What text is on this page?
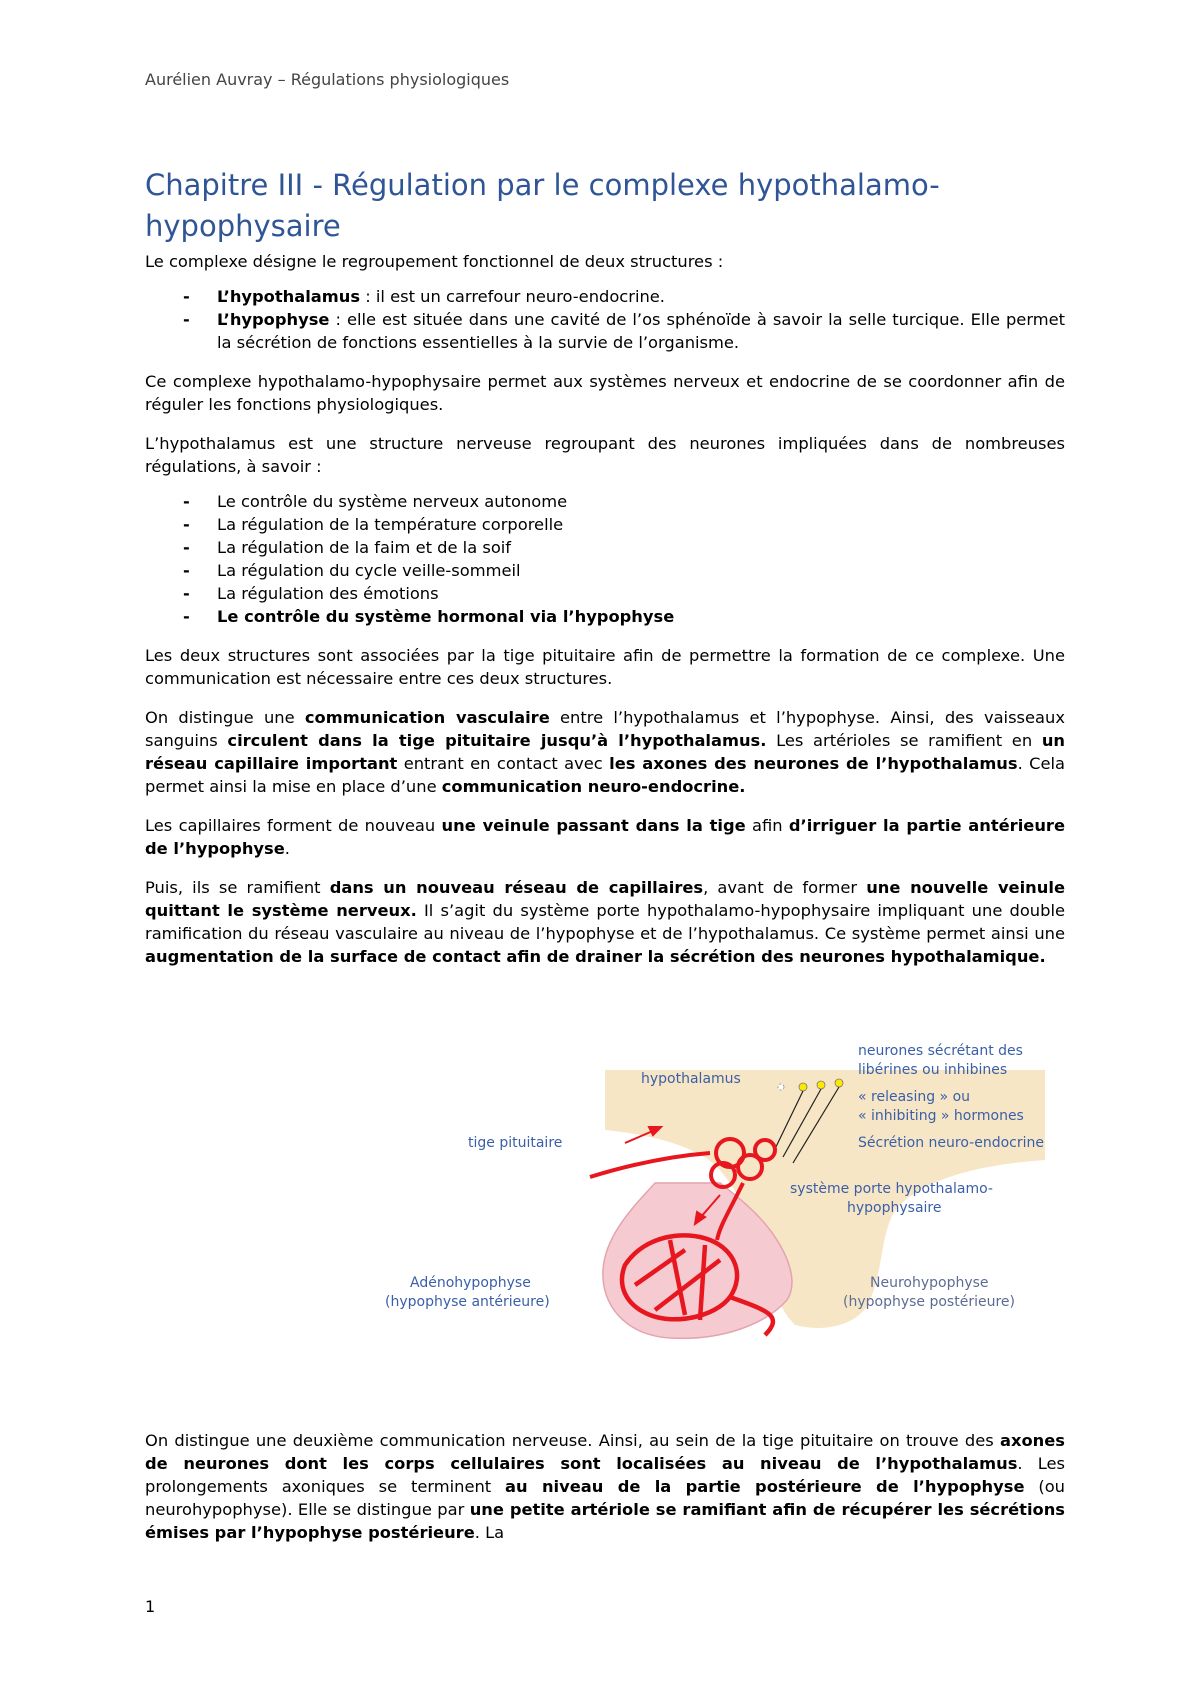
Aurélien Auvray – Régulations physiologiques
Chapitre III - Régulation par le complexe hypothalamo-hypophysaire

Le complexe désigne le regroupement fonctionnel de deux structures :

- L’hypothalamus : il est un carrefour neuro-endocrine.
- L’hypophyse : elle est située dans une cavité de l’os sphénoïde à savoir la selle turcique. Elle permet la sécrétion de fonctions essentielles à la survie de l’organisme.

Ce complexe hypothalamo-hypophysaire permet aux systèmes nerveux et endocrine de se coordonner afin de réguler les fonctions physiologiques.

L’hypothalamus est une structure nerveuse regroupant des neurones impliquées dans de nombreuses régulations, à savoir :

- Le contrôle du système nerveux autonome
- La régulation de la température corporelle
- La régulation de la faim et de la soif
- La régulation du cycle veille-sommeil
- La régulation des émotions
- Le contrôle du système hormonal via l’hypophyse

Les deux structures sont associées par la tige pituitaire afin de permettre la formation de ce complexe. Une communication est nécessaire entre ces deux structures.

On distingue une communication vasculaire entre l’hypothalamus et l’hypophyse. Ainsi, des vaisseaux sanguins circulent dans la tige pituitaire jusqu’à l’hypothalamus. Les artérioles se ramifient en un réseau capillaire important entrant en contact avec les axones des neurones de l’hypothalamus. Cela permet ainsi la mise en place d’une communication neuro-endocrine.

Les capillaires forment de nouveau une veinule passant dans la tige afin d’irriguer la partie antérieure de l’hypophyse.

Puis, ils se ramifient dans un nouveau réseau de capillaires, avant de former une nouvelle veinule quittant le système nerveux. Il s’agit du système porte hypothalamo-hypophysaire impliquant une double ramification du réseau vasculaire au niveau de l’hypophyse et de l’hypothalamus. Ce système permet ainsi une augmentation de la surface de contact afin de drainer la sécrétion des neurones hypothalamique.

hypothalamus
tige pituitaire
neurones sécrétant des
libérines ou inhibines
« releasing » ou
« inhibiting » hormones
Sécrétion neuro-endocrine
système porte hypothalamo-
hypophysaire
Adénohypophyse
(hypophyse antérieure)
Neurohypophyse
(hypophyse postérieure)

On distingue une deuxième communication nerveuse. Ainsi, au sein de la tige pituitaire on trouve des axones de neurones dont les corps cellulaires sont localisées au niveau de l’hypothalamus. Les prolongements axoniques se terminent au niveau de la partie postérieure de l’hypophyse (ou neurohypophyse). Elle se distingue par une petite artériole se ramifiant afin de récupérer les sécrétions émises par l’hypophyse postérieure. La

1
